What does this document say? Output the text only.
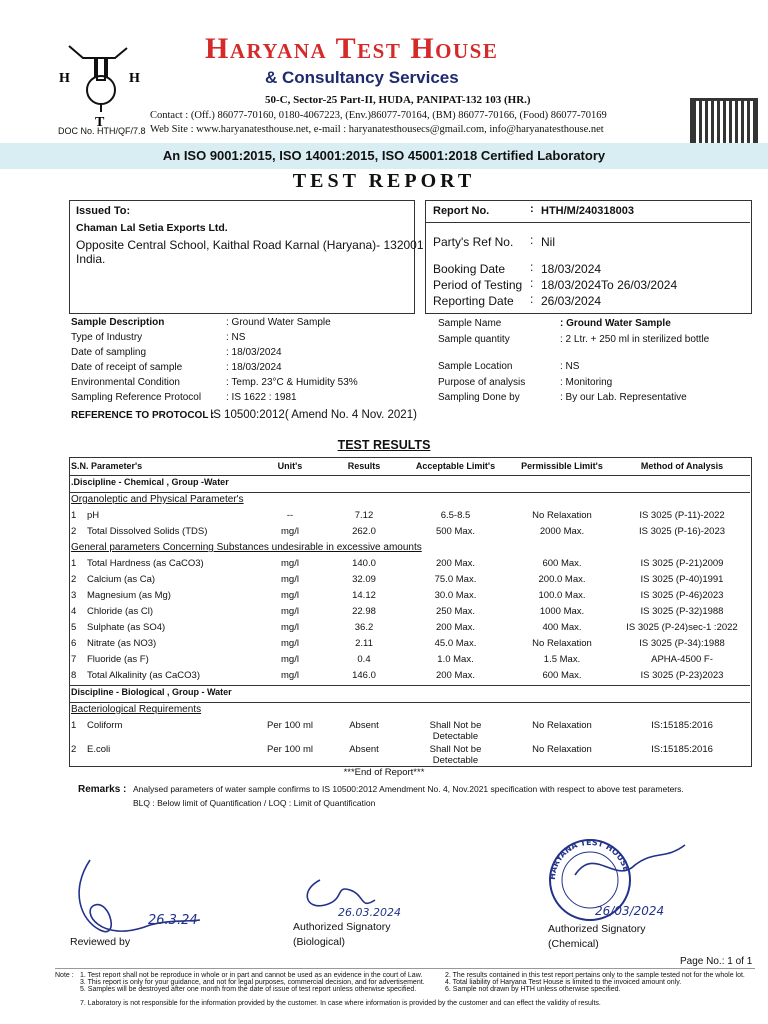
H	H
T
Haryana Test House
& Consultancy Services
50-C, Sector-25 Part-II, HUDA, PANIPAT-132 103 (HR.)
Contact : (Off.) 86077-70160, 0180-4067223, (Env.)86077-70164, (BM) 86077-70166, (Food) 86077-70169
Web Site : www.haryanatesthouse.net, e-mail : haryanatesthousecs@gmail.com, info@haryanatesthouse.net
DOC No. HTH/QF/7.8
An ISO 9001:2015, ISO 14001:2015, ISO 45001:2018 Certified Laboratory
TEST REPORT
Issued To:
Chaman Lal Setia Exports Ltd.
Opposite Central School, Kaithal Road Karnal (Haryana)- 132001
India.
Report No.	: HTH/M/240318003
Party's Ref No. : Nil
Booking Date : 18/03/2024
Period of Testing : 18/03/2024To 26/03/2024
Reporting Date : 26/03/2024
Sample Description	: Ground Water Sample
Type of Industry	: NS
Date of sampling	: 18/03/2024
Date of receipt of sample	: 18/03/2024
Environmental Condition	: Temp. 23°C & Humidity 53%
Sampling Reference Protocol : IS 1622 : 1981
Sample Name	: Ground Water Sample
Sample quantity	: 2 Ltr. + 250 ml in sterilized bottle
Sample Location	: NS
Purpose of analysis	: Monitoring
Sampling Done by	: By our Lab. Representative
REFERENCE TO PROTOCOL :
IS 10500:2012( Amend No. 4 Nov. 2021)
TEST RESULTS
S.N. Parameter's	Unit's	Results	Acceptable Limit's	Permissible Limit's	Method of Analysis
.Discipline - Chemical , Group -Water					
Organoleptic and Physical Parameter's					
1 pH	--	7.12	6.5-8.5	No Relaxation	IS 3025 (P-11)-2022
2 Total Dissolved Solids (TDS)	mg/l	262.0	500 Max.	2000 Max.	IS 3025 (P-16)-2023
General parameters Concerning Substances undesirable in excessive amounts					
1 Total Hardness (as CaCO3)	mg/l	140.0	200 Max.	600 Max.	IS 3025 (P-21)2009
2 Calcium (as Ca)	mg/l	32.09	75.0 Max.	200.0 Max.	IS 3025 (P-40)1991
3 Magnesium (as Mg)	mg/l	14.12	30.0 Max.	100.0 Max.	IS 3025 (P-46)2023
4 Chloride (as Cl)	mg/l	22.98	250 Max.	1000 Max.	IS 3025 (P-32)1988
5 Sulphate (as SO4)	mg/l	36.2	200 Max.	400 Max.	IS 3025 (P-24)sec-1 :2022
6 Nitrate (as NO3)	mg/l	2.11	45.0 Max.	No Relaxation	IS 3025 (P-34):1988
7 Fluoride (as F)	mg/l	0.4	1.0 Max.	1.5 Max.	APHA-4500 F-
8 Total Alkalinity (as CaCO3)	mg/l	146.0	200 Max.	600 Max.	IS 3025 (P-23)2023
Discipline - Biological , Group - Water					
Bacteriological Requirements					
1 Coliform	Per 100 ml	Absent	Shall Not be
Detectable	No Relaxation	IS:15185:2016
2 E.coli	Per 100 ml	Absent	Shall Not be
Detectable	No Relaxation	IS:15185:2016
***End of Report***
Remarks : Analysed parameters of water sample confirms to IS 10500:2012 Amendment No. 4, Nov.2021 specification with respect to above test parameters.
BLQ : Below limit of Quantification / LOQ : Limit of Quantification
26.3.24
Reviewed by
26.03.2024
Authorized Signatory
(Biological)
HARYANA TEST HOUSE
26/03/2024
Authorized Signatory
(Chemical)
Page No.: 1 of 1
Note : 1. Test report shall not be reproduce in whole or in part and cannot be used as an evidence in the court of Law.
3. This report is only for your guidance, and not for legal purposes, commercial decision, and for advertisement.
5. Samples will be destroyed after one month from the date of issue of test report unless otherwise specified.
7. Laboratory is not responsible for the information provided by the customer. In case where information is provided by the customer and can effect the validity of results.
2. The results contained in this test report pertains only to the sample tested not for the whole lot.
4. Total liability of Haryana Test House is limited to the invoiced amount only.
6. Sample not drawn by HTH unless otherwise specified.
